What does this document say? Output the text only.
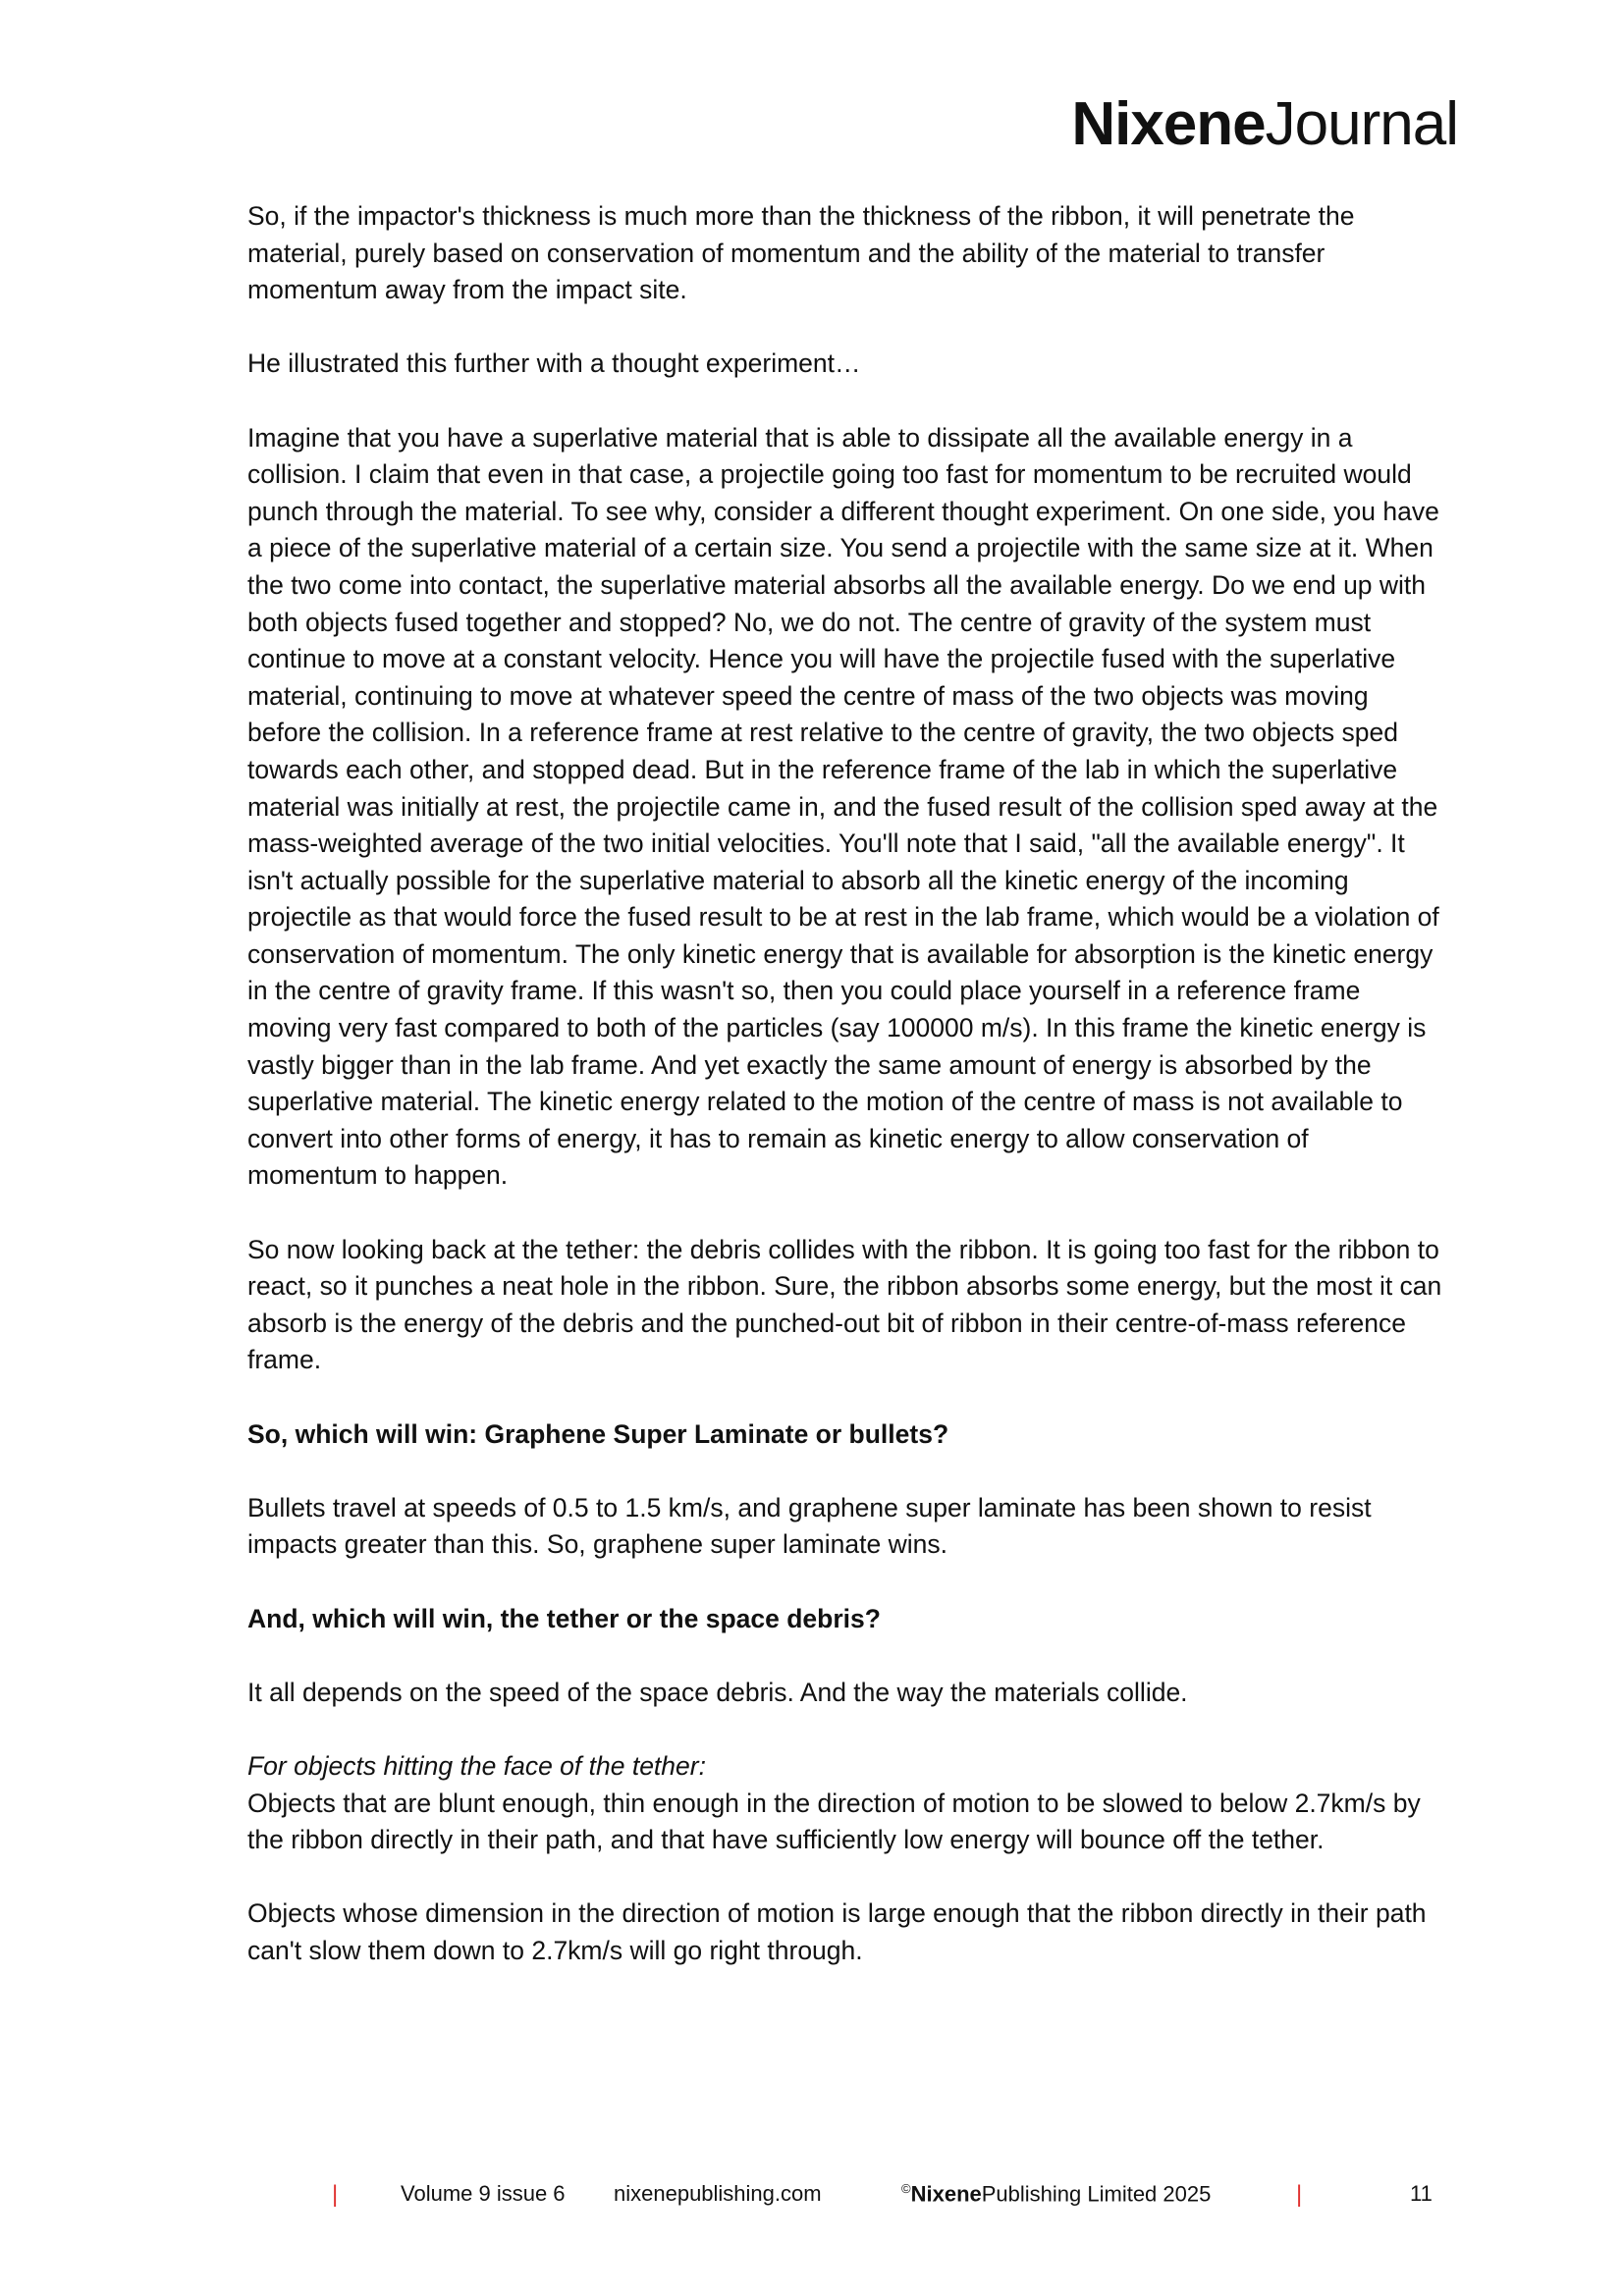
NixeneJournal

So, if the impactor's thickness is much more than the thickness of the ribbon, it will penetrate the material, purely based on conservation of momentum and the ability of the material to transfer momentum away from the impact site.

He illustrated this further with a thought experiment…

Imagine that you have a superlative material that is able to dissipate all the available energy in a collision. I claim that even in that case, a projectile going too fast for momentum to be recruited would punch through the material. To see why, consider a different thought experiment. On one side, you have a piece of the superlative material of a certain size. You send a projectile with the same size at it. When the two come into contact, the superlative material absorbs all the available energy. Do we end up with both objects fused together and stopped? No, we do not. The centre of gravity of the system must continue to move at a constant velocity. Hence you will have the projectile fused with the superlative material, continuing to move at whatever speed the centre of mass of the two objects was moving before the collision. In a reference frame at rest relative to the centre of gravity, the two objects sped towards each other, and stopped dead. But in the reference frame of the lab in which the superlative material was initially at rest, the projectile came in, and the fused result of the collision sped away at the mass-weighted average of the two initial velocities. You'll note that I said, "all the available energy". It isn't actually possible for the superlative material to absorb all the kinetic energy of the incoming projectile as that would force the fused result to be at rest in the lab frame, which would be a violation of conservation of momentum. The only kinetic energy that is available for absorption is the kinetic energy in the centre of gravity frame. If this wasn't so, then you could place yourself in a reference frame moving very fast compared to both of the particles (say 100000 m/s). In this frame the kinetic energy is vastly bigger than in the lab frame. And yet exactly the same amount of energy is absorbed by the superlative material. The kinetic energy related to the motion of the centre of mass is not available to convert into other forms of energy, it has to remain as kinetic energy to allow conservation of momentum to happen.

So now looking back at the tether: the debris collides with the ribbon. It is going too fast for the ribbon to react, so it punches a neat hole in the ribbon. Sure, the ribbon absorbs some energy, but the most it can absorb is the energy of the debris and the punched-out bit of ribbon in their centre-of-mass reference frame.

So, which will win: Graphene Super Laminate or bullets?

Bullets travel at speeds of 0.5 to 1.5 km/s, and graphene super laminate has been shown to resist impacts greater than this. So, graphene super laminate wins.

And, which will win, the tether or the space debris?

It all depends on the speed of the space debris. And the way the materials collide.

For objects hitting the face of the tether:

Objects that are blunt enough, thin enough in the direction of motion to be slowed to below 2.7km/s by the ribbon directly in their path, and that have sufficiently low energy will bounce off the tether.

Objects whose dimension in the direction of motion is large enough that the ribbon directly in their path can't slow them down to 2.7km/s will go right through.

|	Volume 9 issue 6 nixenepublishing.com	©NixenePublishing Limited 2025	|	11
